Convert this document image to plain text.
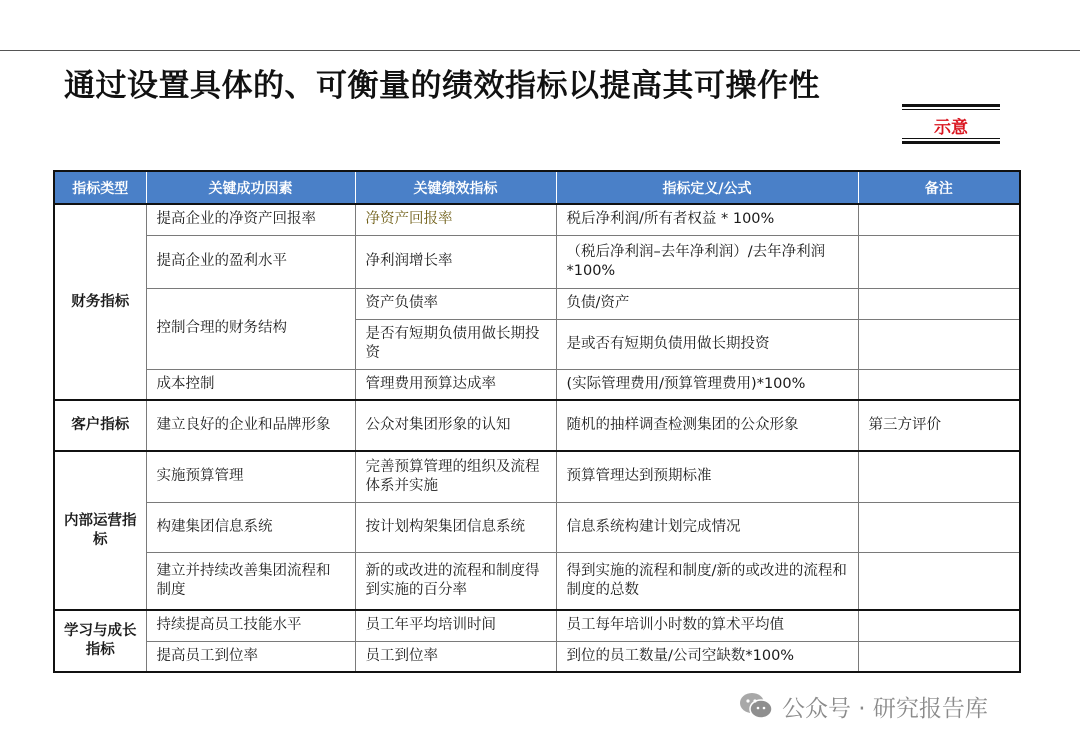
通过设置具体的、可衡量的绩效指标以提高其可操作性
示意
指标类型	关键成功因素	关键绩效指标	指标定义/公式	备注
财务指标	提高企业的净资产回报率	净资产回报率	税后净利润/所有者权益 * 100%	
	提高企业的盈利水平	净利润增长率	（税后净利润–去年净利润）/去年净利润*100%	
	控制合理的财务结构	资产负债率	负债/资产	
		是否有短期负债用做长期投资	是或否有短期负债用做长期投资	
	成本控制	管理费用预算达成率	(实际管理费用/预算管理费用)*100%	
客户指标	建立良好的企业和品牌形象	公众对集团形象的认知	随机的抽样调查检测集团的公众形象	第三方评价
内部运营指标	实施预算管理	完善预算管理的组织及流程体系并实施	预算管理达到预期标准	
	构建集团信息系统	按计划构架集团信息系统	信息系统构建计划完成情况	
	建立并持续改善集团流程和制度	新的或改进的流程和制度得到实施的百分率	得到实施的流程和制度/新的或改进的流程和制度的总数	
学习与成长指标	持续提高员工技能水平	员工年平均培训时间	员工每年培训小时数的算术平均值	
	提高员工到位率	员工到位率	到位的员工数量/公司空缺数*100%	
公众号 · 研究报告库
